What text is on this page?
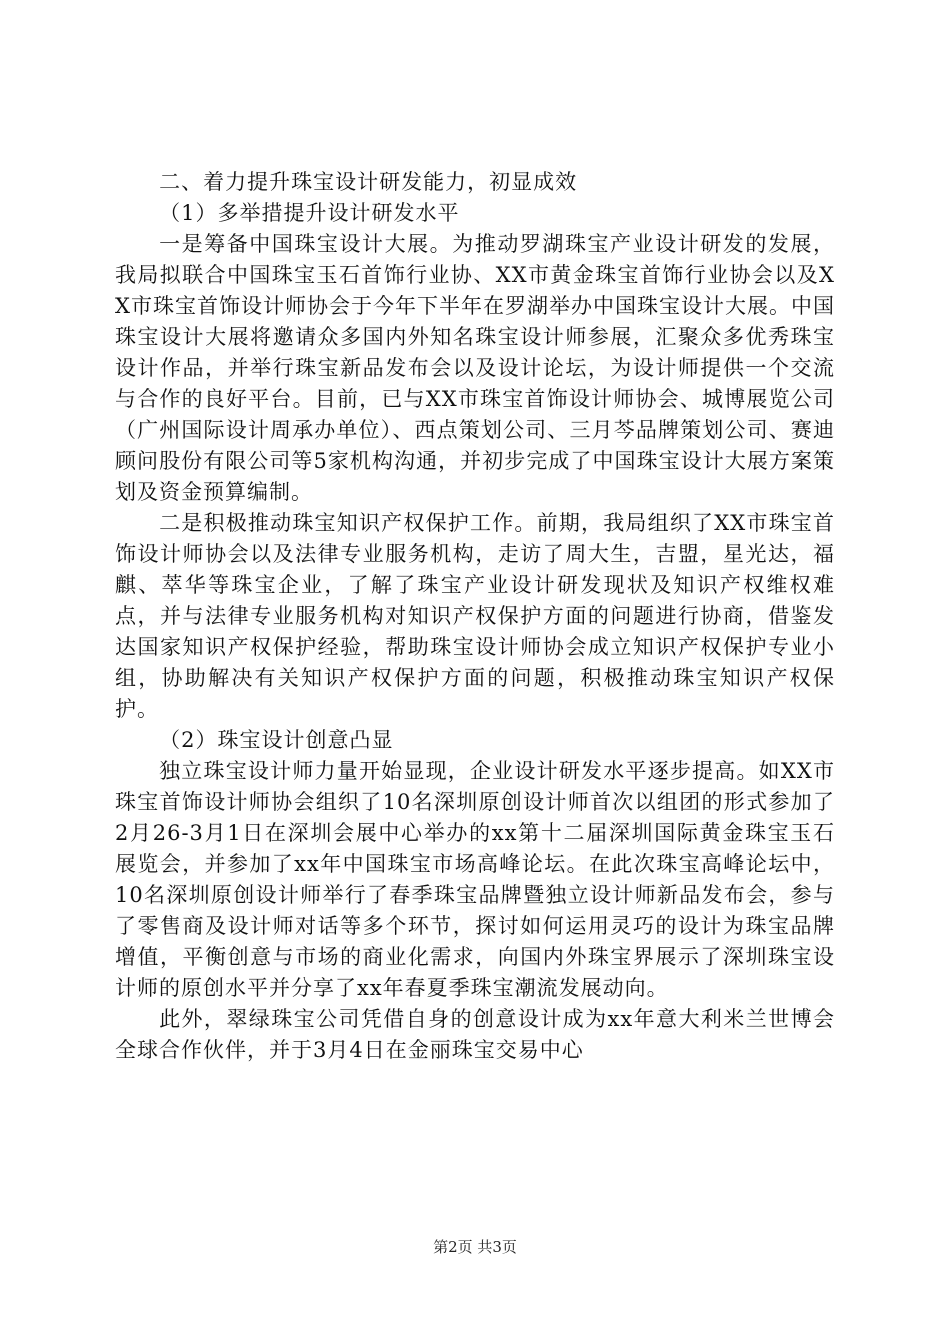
二、着力提升珠宝设计研发能力，初显成效

（1）多举措提升设计研发水平

一是筹备中国珠宝设计大展。为推动罗湖珠宝产业设计研发的发展，我局拟联合中国珠宝玉石首饰行业协、XX市黄金珠宝首饰行业协会以及XX市珠宝首饰设计师协会于今年下半年在罗湖举办中国珠宝设计大展。中国珠宝设计大展将邀请众多国内外知名珠宝设计师参展，汇聚众多优秀珠宝设计作品，并举行珠宝新品发布会以及设计论坛，为设计师提供一个交流与合作的良好平台。目前，已与XX市珠宝首饰设计师协会、城博展览公司（广州国际设计周承办单位）、西点策划公司、三月芩品牌策划公司、赛迪顾问股份有限公司等5家机构沟通，并初步完成了中国珠宝设计大展方案策划及资金预算编制。

二是积极推动珠宝知识产权保护工作。前期，我局组织了XX市珠宝首饰设计师协会以及法律专业服务机构，走访了周大生，吉盟，星光达，福麒、萃华等珠宝企业，了解了珠宝产业设计研发现状及知识产权维权难点，并与法律专业服务机构对知识产权保护方面的问题进行协商，借鉴发达国家知识产权保护经验，帮助珠宝设计师协会成立知识产权保护专业小组，协助解决有关知识产权保护方面的问题，积极推动珠宝知识产权保护。

（2）珠宝设计创意凸显

独立珠宝设计师力量开始显现，企业设计研发水平逐步提高。如XX市珠宝首饰设计师协会组织了10名深圳原创设计师首次以组团的形式参加了2月26-3月1日在深圳会展中心举办的xx第十二届深圳国际黄金珠宝玉石展览会，并参加了xx年中国珠宝市场高峰论坛。在此次珠宝高峰论坛中，10名深圳原创设计师举行了春季珠宝品牌暨独立设计师新品发布会，参与了零售商及设计师对话等多个环节，探讨如何运用灵巧的设计为珠宝品牌增值，平衡创意与市场的商业化需求，向国内外珠宝界展示了深圳珠宝设计师的原创水平并分享了xx年春夏季珠宝潮流发展动向。

此外，翠绿珠宝公司凭借自身的创意设计成为xx年意大利米兰世博会全球合作伙伴，并于3月4日在金丽珠宝交易中心

第2页 共3页
